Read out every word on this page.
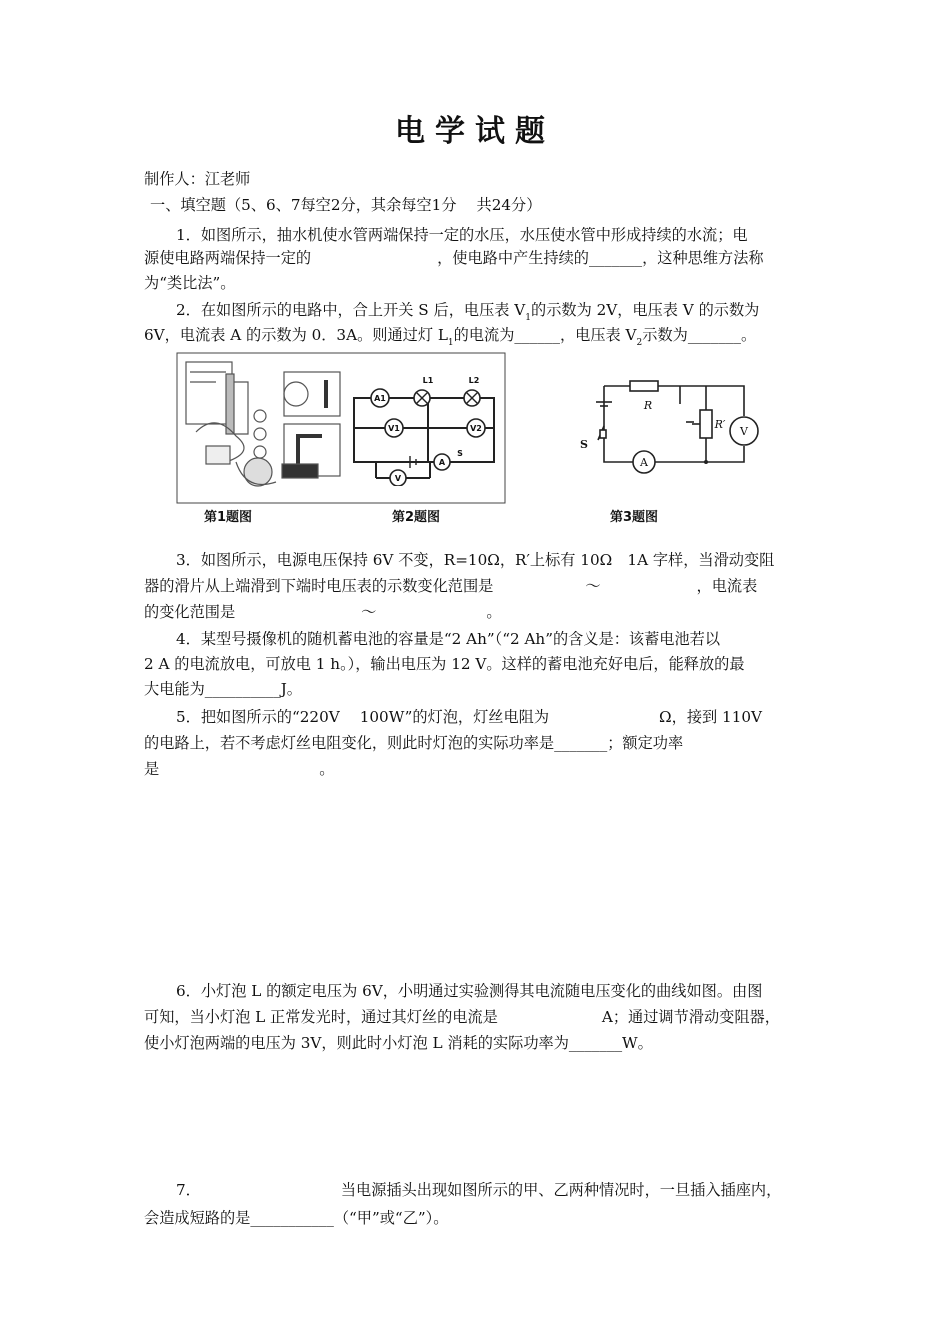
电学试题
制作人：江老师
一、填空题（5、6、7每空2分，其余每空1分　 共24分）
1．如图所示，抽水机使水管两端保持一定的水压，水压使水管中形成持续的水流；电
源使电路两端保持一定的	，使电路中产生持续的_______，这种思维方法称
为“类比法”。
2．在如图所示的电路中，合上开关 S 后，电压表 $V_1$的示数为 2V，电压表 V 的示数为
6V，电流表 A 的示数为 0．3A。则通过灯 $L_1$的电流为______，电压表 $V_2$示数为_______。
L1	L2
A1
V1	V2
A
V
S
S
R
R′
A
V
第1题图	第2题图	第3题图
3．如图所示，电源电压保持 6V 不变，R=10Ω，R′上标有 10Ω　1A 字样，当滑动变阻
器的滑片从上端滑到下端时电压表的示数变化范围是	～	，电流表
的变化范围是	～	。
4．某型号摄像机的随机蓄电池的容量是“2 Ah”（“2 Ah”的含义是：该蓄电池若以
2 A 的电流放电，可放电 1 h。），输出电压为 12 V。这样的蓄电池充好电后，能释放的最
大电能为__________J。
5．把如图所示的“220V　 100W”的灯泡，灯丝电阻为	Ω，接到 110V
的电路上，若不考虑灯丝电阻变化，则此时灯泡的实际功率是_______；额定功率
是	。
6．小灯泡 L 的额定电压为 6V，小明通过实验测得其电流随电压变化的曲线如图。由图
可知，当小灯泡 L 正常发光时，通过其灯丝的电流是	A；通过调节滑动变阻器，
使小灯泡两端的电压为 3V，则此时小灯泡 L 消耗的实际功率为_______W。
7．	当电源插头出现如图所示的甲、乙两种情况时，一旦插入插座内，
会造成短路的是___________（“甲”或“乙”）。
